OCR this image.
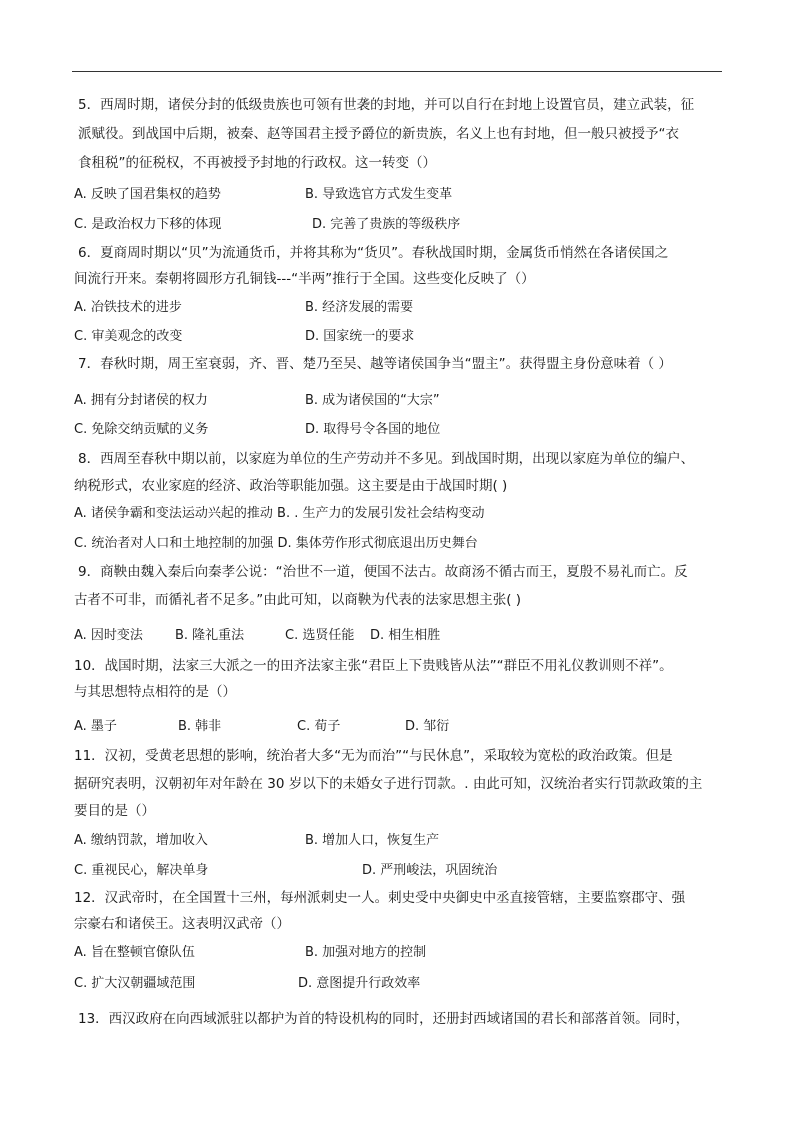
5．西周时期，诸侯分封的低级贵族也可领有世袭的封地，并可以自行在封地上设置官员，建立武装，征
派赋役。到战国中后期，被秦、赵等国君主授予爵位的新贵族，名义上也有封地，但一般只被授予“衣
食租税”的征税权，不再被授予封地的行政权。这一转变（）
A. 反映了国君集权的趋势	B. 导致选官方式发生变革
C. 是政治权力下移的体现	D. 完善了贵族的等级秩序
6．夏商周时期以“贝”为流通货币，并将其称为“货贝”。春秋战国时期，金属货币悄然在各诸侯国之
间流行开来。秦朝将圆形方孔铜钱---“半两”推行于全国。这些变化反映了（）
A. 冶铁技术的进步	B. 经济发展的需要
C. 审美观念的改变	D. 国家统一的要求
7．春秋时期，周王室衰弱，齐、晋、楚乃至吴、越等诸侯国争当“盟主”。获得盟主身份意味着（ ）
A. 拥有分封诸侯的权力	B. 成为诸侯国的“大宗”
C. 免除交纳贡赋的义务	D. 取得号令各国的地位
8．西周至春秋中期以前，以家庭为单位的生产劳动并不多见。到战国时期，出现以家庭为单位的编户、
纳税形式，农业家庭的经济、政治等职能加强。这主要是由于战国时期( )
A. 诸侯争霸和变法运动兴起的推动 B. . 生产力的发展引发社会结构变动
C. 统治者对人口和土地控制的加强 D. 集体劳作形式彻底退出历史舞台
9．商鞅由魏入秦后向秦孝公说：“治世不一道，便国不法古。故商汤不循古而王，夏殷不易礼而亡。反
古者不可非，而循礼者不足多。”由此可知，以商鞅为代表的法家思想主张( )
A. 因时变法 B. 隆礼重法	C. 选贤任能 D. 相生相胜
10．战国时期，法家三大派之一的田齐法家主张“君臣上下贵贱皆从法”“群臣不用礼仪教训则不祥”。
与其思想特点相符的是（）
A. 墨子	B. 韩非	C. 荀子	D. 邹衍
11．汉初，受黄老思想的影响，统治者大多“无为而治”“与民休息”，采取较为宽松的政治政策。但是
据研究表明，汉朝初年对年龄在 30 岁以下的未婚女子进行罚款。. 由此可知，汉统治者实行罚款政策的主
要目的是（）
A. 缴纳罚款，增加收入	B. 增加人口，恢复生产
C. 重视民心，解决单身	D. 严刑峻法，巩固统治
12．汉武帝时，在全国置十三州，每州派刺史一人。刺史受中央御史中丞直接管辖，主要监察郡守、强
宗豪右和诸侯王。这表明汉武帝（）
A. 旨在整顿官僚队伍	B. 加强对地方的控制
C. 扩大汉朝疆域范围	D. 意图提升行政效率
13．西汉政府在向西域派驻以都护为首的特设机构的同时，还册封西域诸国的君长和部落首领。同时，
